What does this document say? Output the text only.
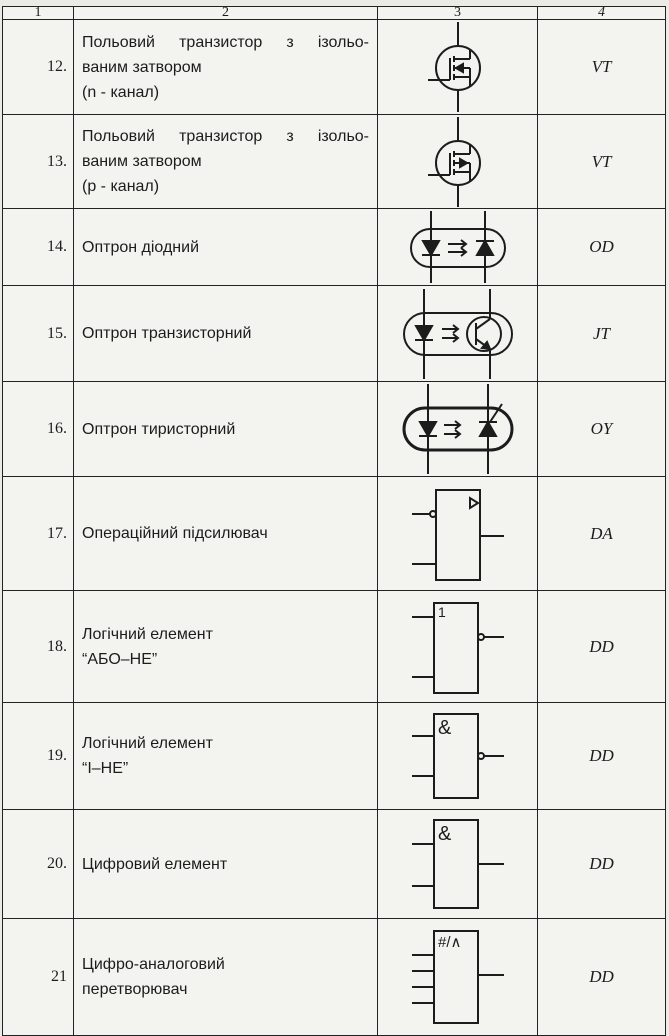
1	2	3	4
12.	Польовий транзистор з ізольо-
ваним затвором
(n - канал)		VT
13.	Польовий транзистор з ізольо-
ваним затвором
(p - канал)		VT
14.	Оптрон діодний		OD
15.	Оптрон транзисторний		JT
16.	Оптрон тиристорний		OY
17.	Операційний підсилювач		DA
18.	Логічний елемент
“АБО–НЕ”	1	DD
19.	Логічний елемент
“І–НЕ”	&	DD
20.	Цифровий елемент	&	DD
21	Цифро-аналоговий
перетворювач	#/∧	DD
